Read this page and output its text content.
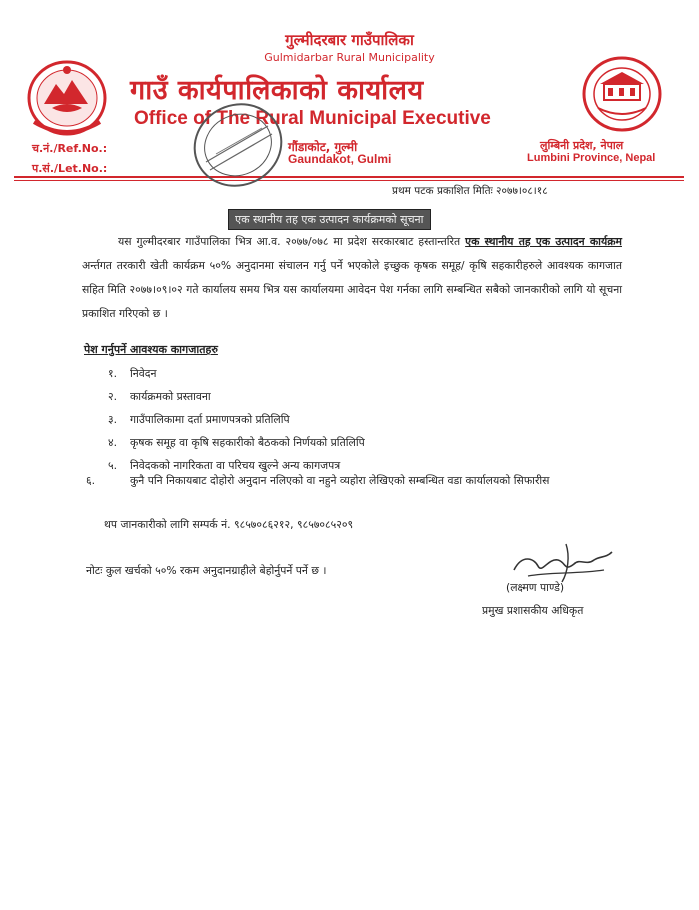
गुल्मीदरबार गाउँपालिका
Gulmidarbar Rural Municipality
गाउँ कार्यपालिकाको कार्यालय
Office of The Rural Municipal Executive
गौंडाकोट, गुल्मी
Gaundakot, Gulmi
च.नं./Ref.No.:
प.सं./Let.No.:
लुम्बिनी प्रदेश, नेपाल
Lumbini Province, Nepal
प्रथम पटक प्रकाशित मितिः २०७७।०८।१८
एक स्थानीय तह एक उत्पादन कार्यक्रमको सूचना
यस गुल्मीदरबार गाउँपालिका भित्र आ.व. २०७७/०७८ मा प्रदेश सरकारबाट हस्तान्तरित एक स्थानीय तह एक उत्पादन कार्यक्रम अर्न्तगत तरकारी खेती कार्यक्रम ५०% अनुदानमा संचालन गर्नु पर्ने भएकोले इच्छुक कृषक समूह/ कृषि सहकारीहरुले आवश्यक कागजात सहित मिति २०७७।०९।०२ गते कार्यालय समय भित्र यस कार्यालयमा आवेदन पेश गर्नका लागि सम्बन्धित सबैको जानकारीको लागि यो सूचना प्रकाशित गरिएको छ ।
पेश गर्नुपर्ने आवश्यक कागजातहरु
१. निवेदन
२. कार्यक्रमको प्रस्तावना
३. गाउँपालिकामा दर्ता प्रमाणपत्रको प्रतिलिपि
४. कृषक समूह वा कृषि सहकारीको बैठकको निर्णयको प्रतिलिपि
५. निवेदकको नागरिकता वा परिचय खुल्ने अन्य कागजपत्र
६.	कुनै पनि निकायबाट दोहोरो अनुदान नलिएको वा नहुने व्यहोरा लेखिएको सम्बन्धित वडा कार्यालयको सिफारीस
थप जानकारीको लागि सम्पर्क नं. ९८५७०८६२१२, ९८५७०८५२०९
नोटः कुल खर्चको ५०% रकम अनुदानग्राहीले बेहोर्नुपर्ने पर्ने छ ।
(लक्ष्मण पाण्डे)
प्रमुख प्रशासकीय अधिकृत
